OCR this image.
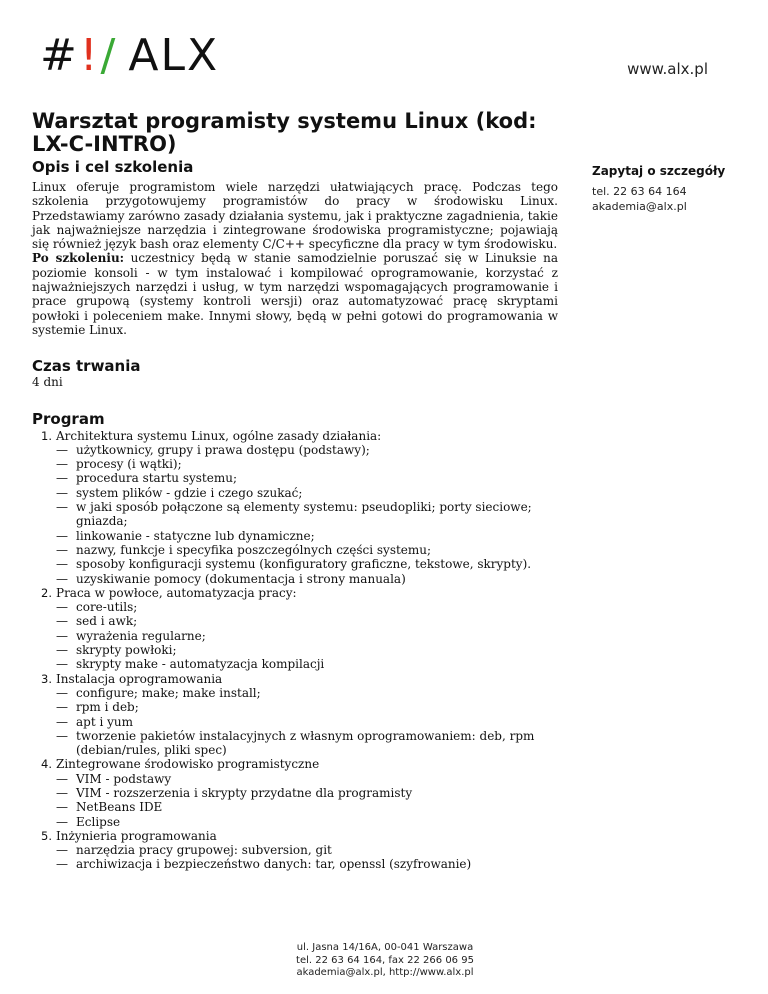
# ! / ALX	www.alx.pl
Warsztat programisty systemu Linux (kod: LX-C-INTRO)
Opis i cel szkolenia

Linux oferuje programistom wiele narzędzi ułatwiających pracę. Podczas tego szkolenia przygotowujemy programistów do pracy w środowisku Linux. Przedstawiamy zarówno zasady działania systemu, jak i praktyczne zagadnienia, takie jak najważniejsze narzędzia i zintegrowane środowiska programistyczne; pojawiają się również język bash oraz elementy C/C++ specyficzne dla pracy w tym środowisku.

Po szkoleniu: uczestnicy będą w stanie samodzielnie poruszać się w Linuksie na poziomie konsoli - w tym instalować i kompilować oprogramowanie, korzystać z najważniejszych narzędzi i usług, w tym narzędzi wspomagających programowanie i prace grupową (systemy kontroli wersji) oraz automatyzować pracę skryptami powłoki i poleceniem make. Innymi słowy, będą w pełni gotowi do programowania w systemie Linux.

Czas trwania

4 dni

Program
1. Architektura systemu Linux, ogólne zasady działania:
— użytkownicy, grupy i prawa dostępu (podstawy);
— procesy (i wątki);
— procedura startu systemu;
— system plików - gdzie i czego szukać;
— w jaki sposób połączone są elementy systemu: pseudopliki; porty sieciowe; gniazda;
— linkowanie - statyczne lub dynamiczne;
— nazwy, funkcje i specyfika poszczególnych części systemu;
— sposoby konfiguracji systemu (konfiguratory graficzne, tekstowe, skrypty).
— uzyskiwanie pomocy (dokumentacja i strony manuala)
2. Praca w powłoce, automatyzacja pracy:
— core-utils;
— sed i awk;
— wyrażenia regularne;
— skrypty powłoki;
— skrypty make - automatyzacja kompilacji
3. Instalacja oprogramowania
— configure; make; make install;
— rpm i deb;
— apt i yum
— tworzenie pakietów instalacyjnych z własnym oprogramowaniem: deb, rpm (debian/rules, pliki spec)
4. Zintegrowane środowisko programistyczne
— VIM - podstawy
— VIM - rozszerzenia i skrypty przydatne dla programisty
— NetBeans IDE
— Eclipse
5. Inżynieria programowania
— narzędzia pracy grupowej: subversion, git
— archiwizacja i bezpieczeństwo danych: tar, openssl (szyfrowanie)
Zapytaj o szczegóły
tel. 22 63 64 164
akademia@alx.pl
ul. Jasna 14/16A, 00-041 Warszawa
tel. 22 63 64 164, fax 22 266 06 95
akademia@alx.pl, http://www.alx.pl
